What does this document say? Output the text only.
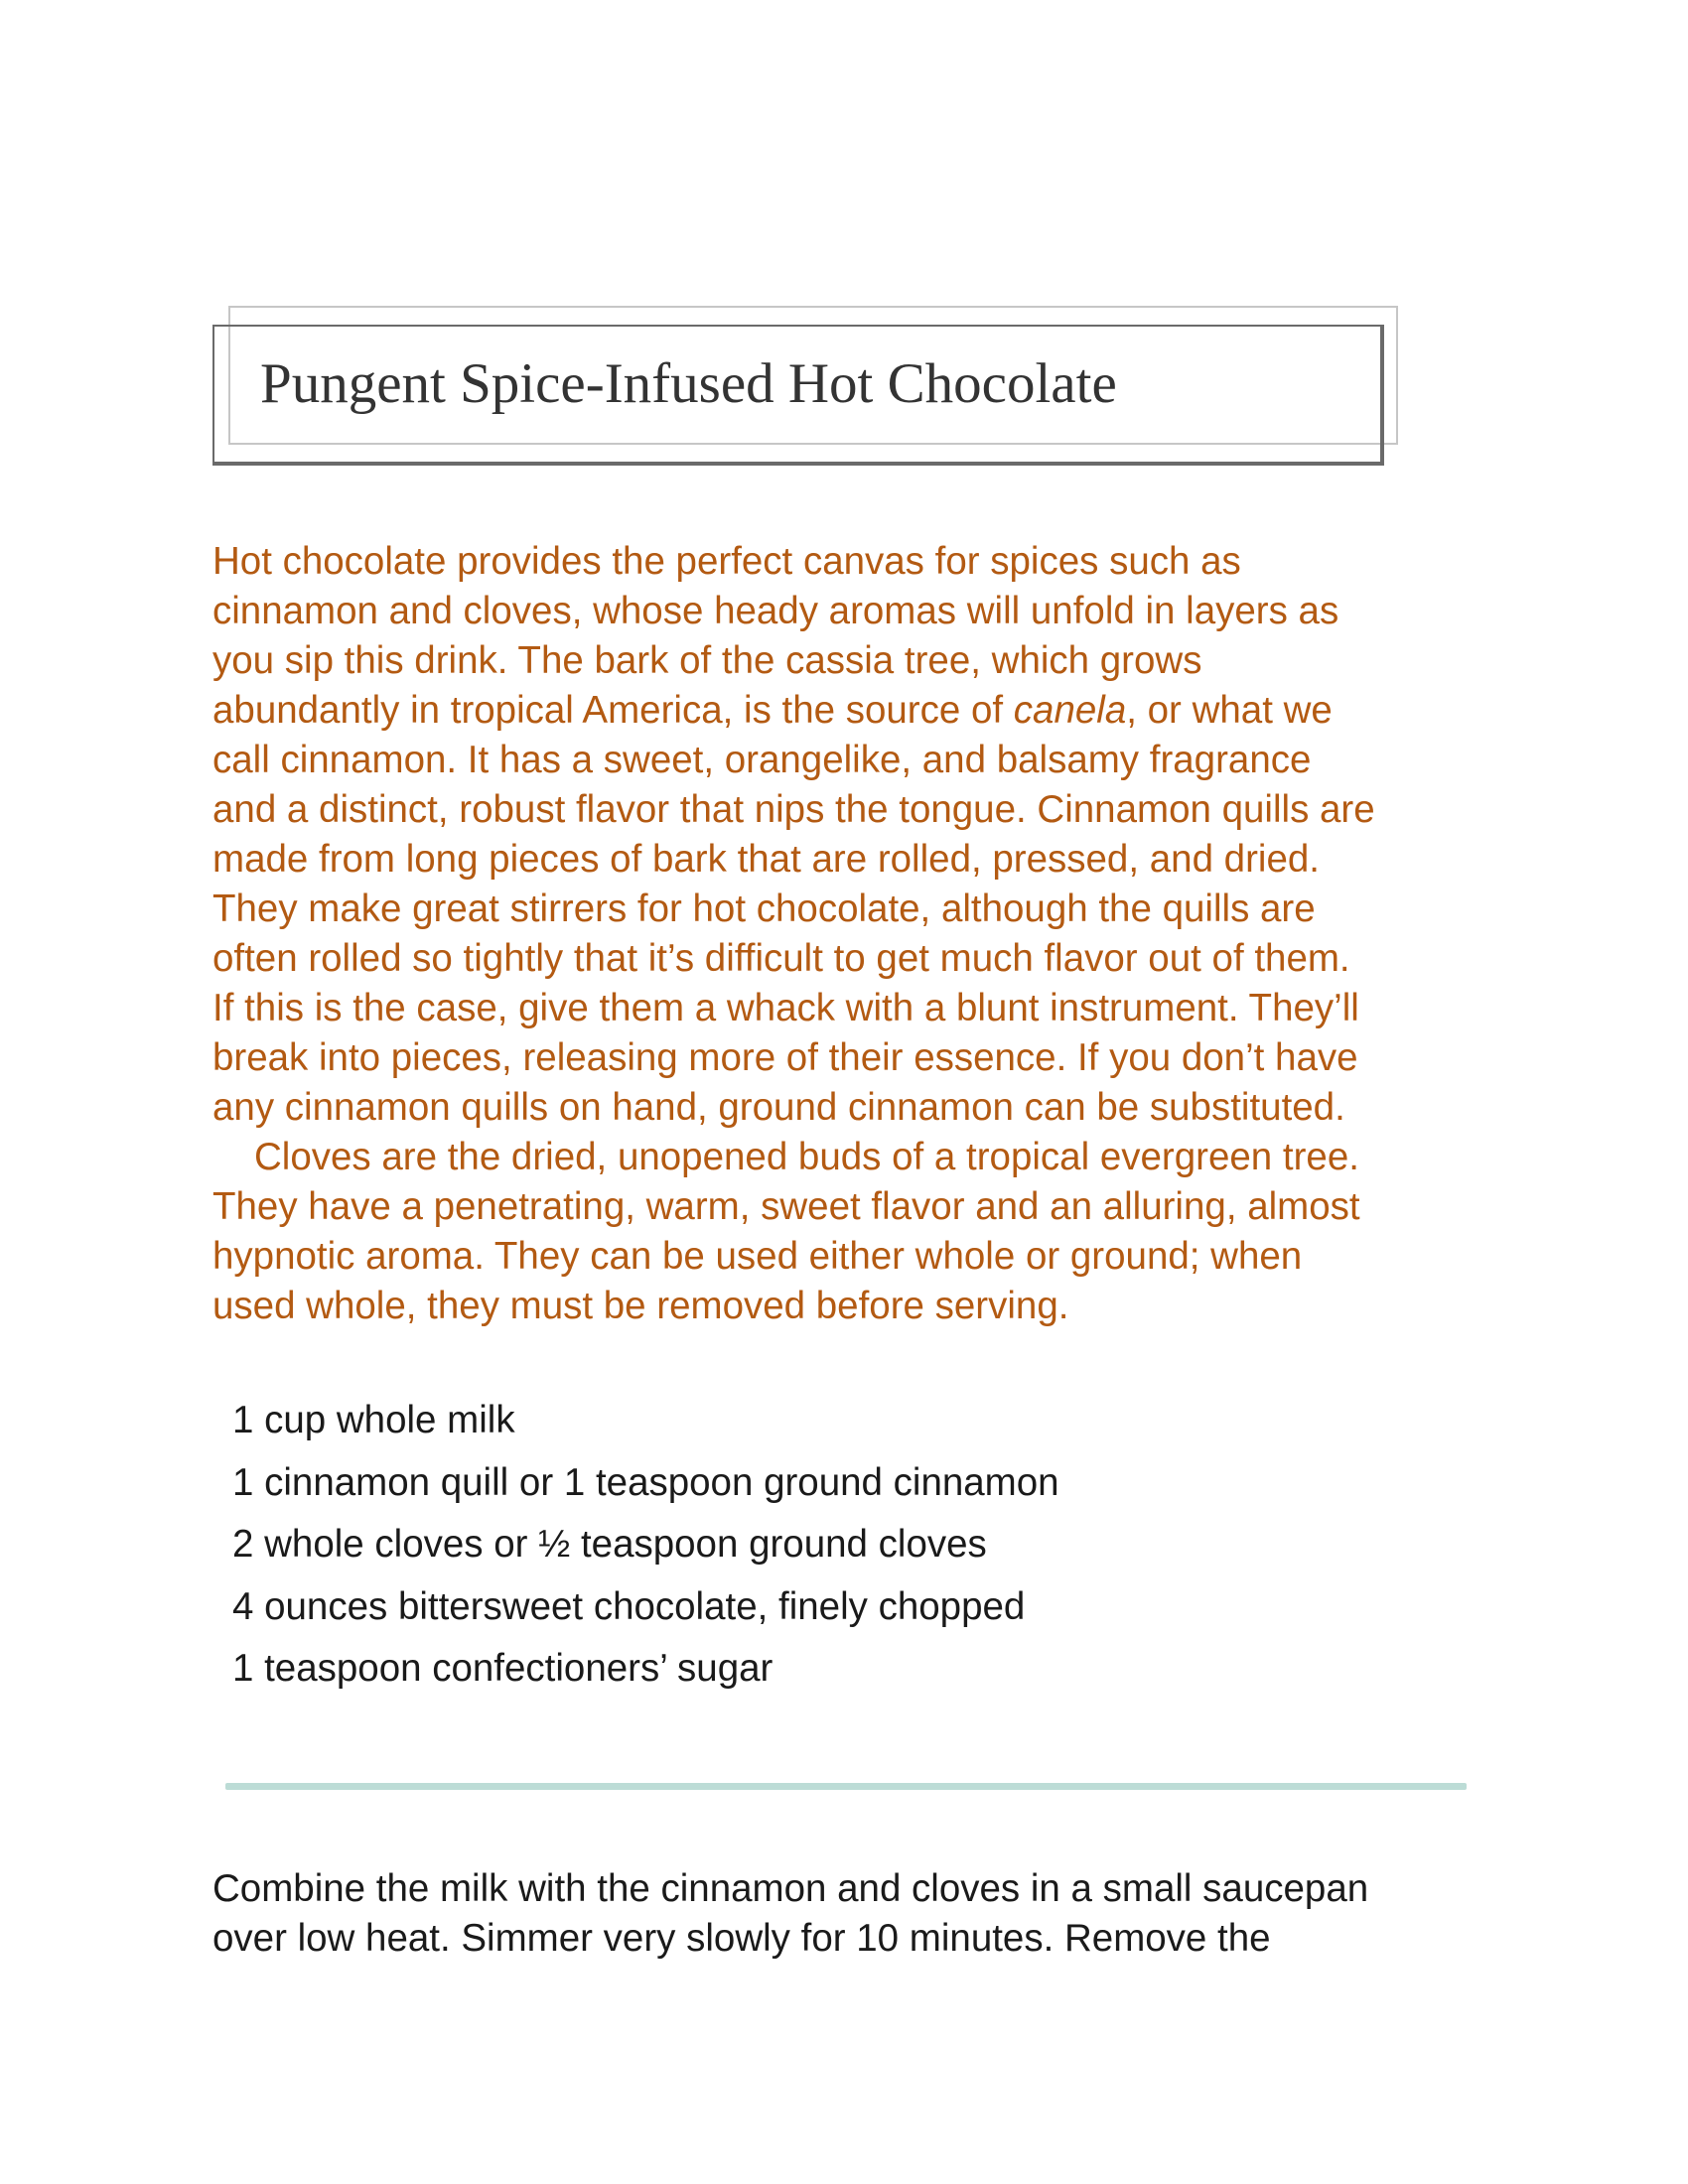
Pungent Spice-Infused Hot Chocolate

Hot chocolate provides the perfect canvas for spices such as

cinnamon and cloves, whose heady aromas will unfold in layers as

you sip this drink. The bark of the cassia tree, which grows

abundantly in tropical America, is the source of canela, or what we

call cinnamon. It has a sweet, orangelike, and balsamy fragrance

and a distinct, robust flavor that nips the tongue. Cinnamon quills are

made from long pieces of bark that are rolled, pressed, and dried.

They make great stirrers for hot chocolate, although the quills are

often rolled so tightly that it’s difficult to get much flavor out of them.

If this is the case, give them a whack with a blunt instrument. They’ll

break into pieces, releasing more of their essence. If you don’t have

any cinnamon quills on hand, ground cinnamon can be substituted.

Cloves are the dried, unopened buds of a tropical evergreen tree.

They have a penetrating, warm, sweet flavor and an alluring, almost

hypnotic aroma. They can be used either whole or ground; when

used whole, they must be removed before serving.

1 cup whole milk
1 cinnamon quill or 1 teaspoon ground cinnamon
2 whole cloves or ½ teaspoon ground cloves
4 ounces bittersweet chocolate, finely chopped
1 teaspoon confectioners’ sugar

Combine the milk with the cinnamon and cloves in a small saucepan

over low heat. Simmer very slowly for 10 minutes. Remove the
